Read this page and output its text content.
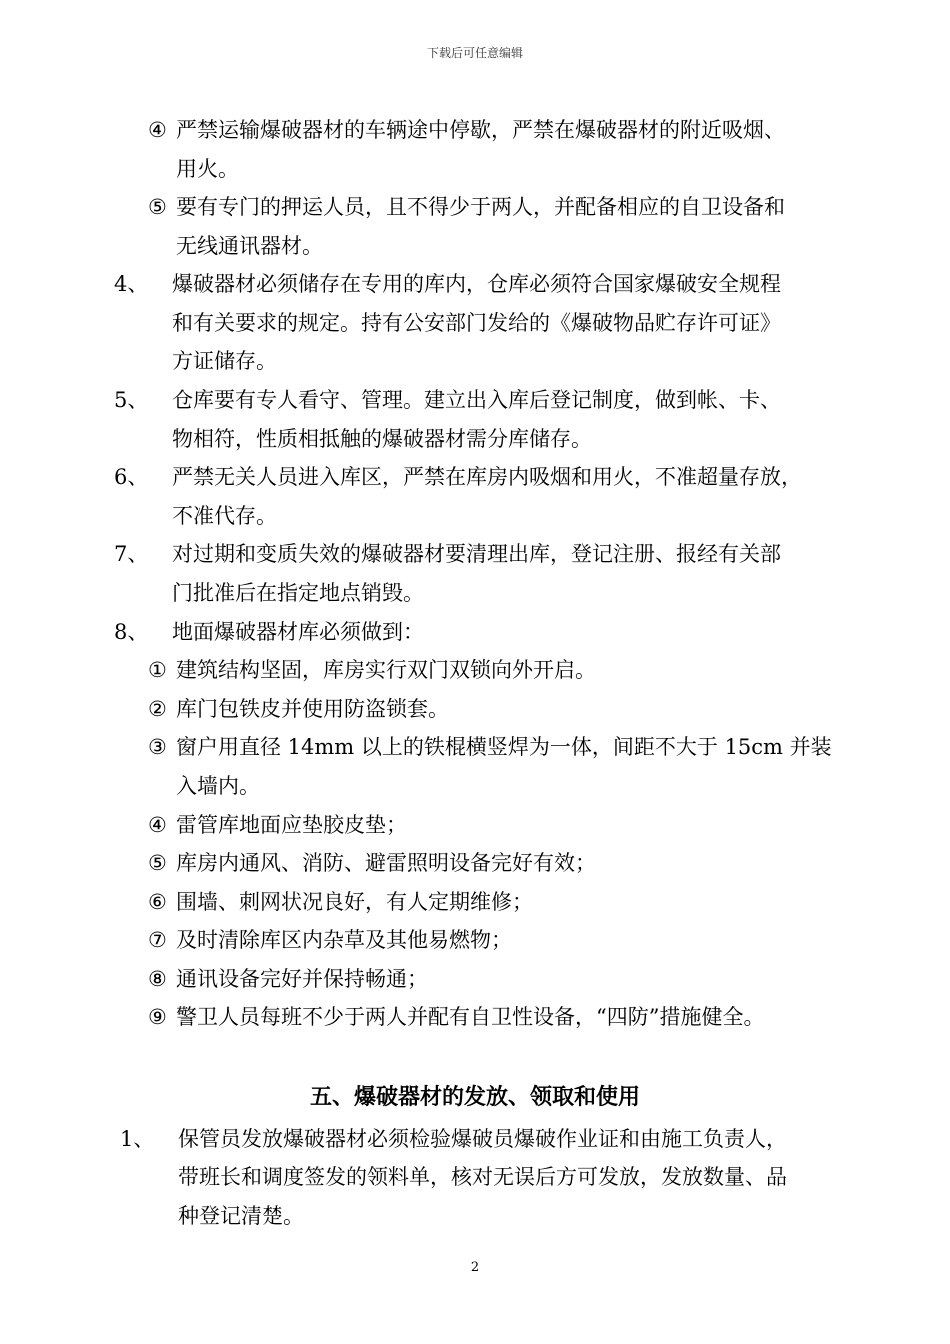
下载后可任意编辑
④ 严禁运输爆破器材的车辆途中停歇，严禁在爆破器材的附近吸烟、
用火。
⑤ 要有专门的押运人员，且不得少于两人，并配备相应的自卫设备和
无线通讯器材。
4、 爆破器材必须储存在专用的库内，仓库必须符合国家爆破安全规程
和有关要求的规定。持有公安部门发给的《爆破物品贮存许可证》
方证储存。
5、 仓库要有专人看守、管理。建立出入库后登记制度，做到帐、卡、
物相符，性质相抵触的爆破器材需分库储存。
6、 严禁无关人员进入库区，严禁在库房内吸烟和用火，不准超量存放，
不准代存。
7、 对过期和变质失效的爆破器材要清理出库，登记注册、报经有关部
门批准后在指定地点销毁。
8、 地面爆破器材库必须做到：
① 建筑结构坚固，库房实行双门双锁向外开启。
② 库门包铁皮并使用防盗锁套。
③ 窗户用直径 14mm 以上的铁棍横竖焊为一体，间距不大于 15cm 并装
入墙内。
④ 雷管库地面应垫胶皮垫；
⑤ 库房内通风、消防、避雷照明设备完好有效；
⑥ 围墙、刺网状况良好，有人定期维修；
⑦ 及时清除库区内杂草及其他易燃物；
⑧ 通讯设备完好并保持畅通；
⑨ 警卫人员每班不少于两人并配有自卫性设备，“四防”措施健全。
五、爆破器材的发放、领取和使用
1、 保管员发放爆破器材必须检验爆破员爆破作业证和由施工负责人，
带班长和调度签发的领料单，核对无误后方可发放，发放数量、品
种登记清楚。
2
